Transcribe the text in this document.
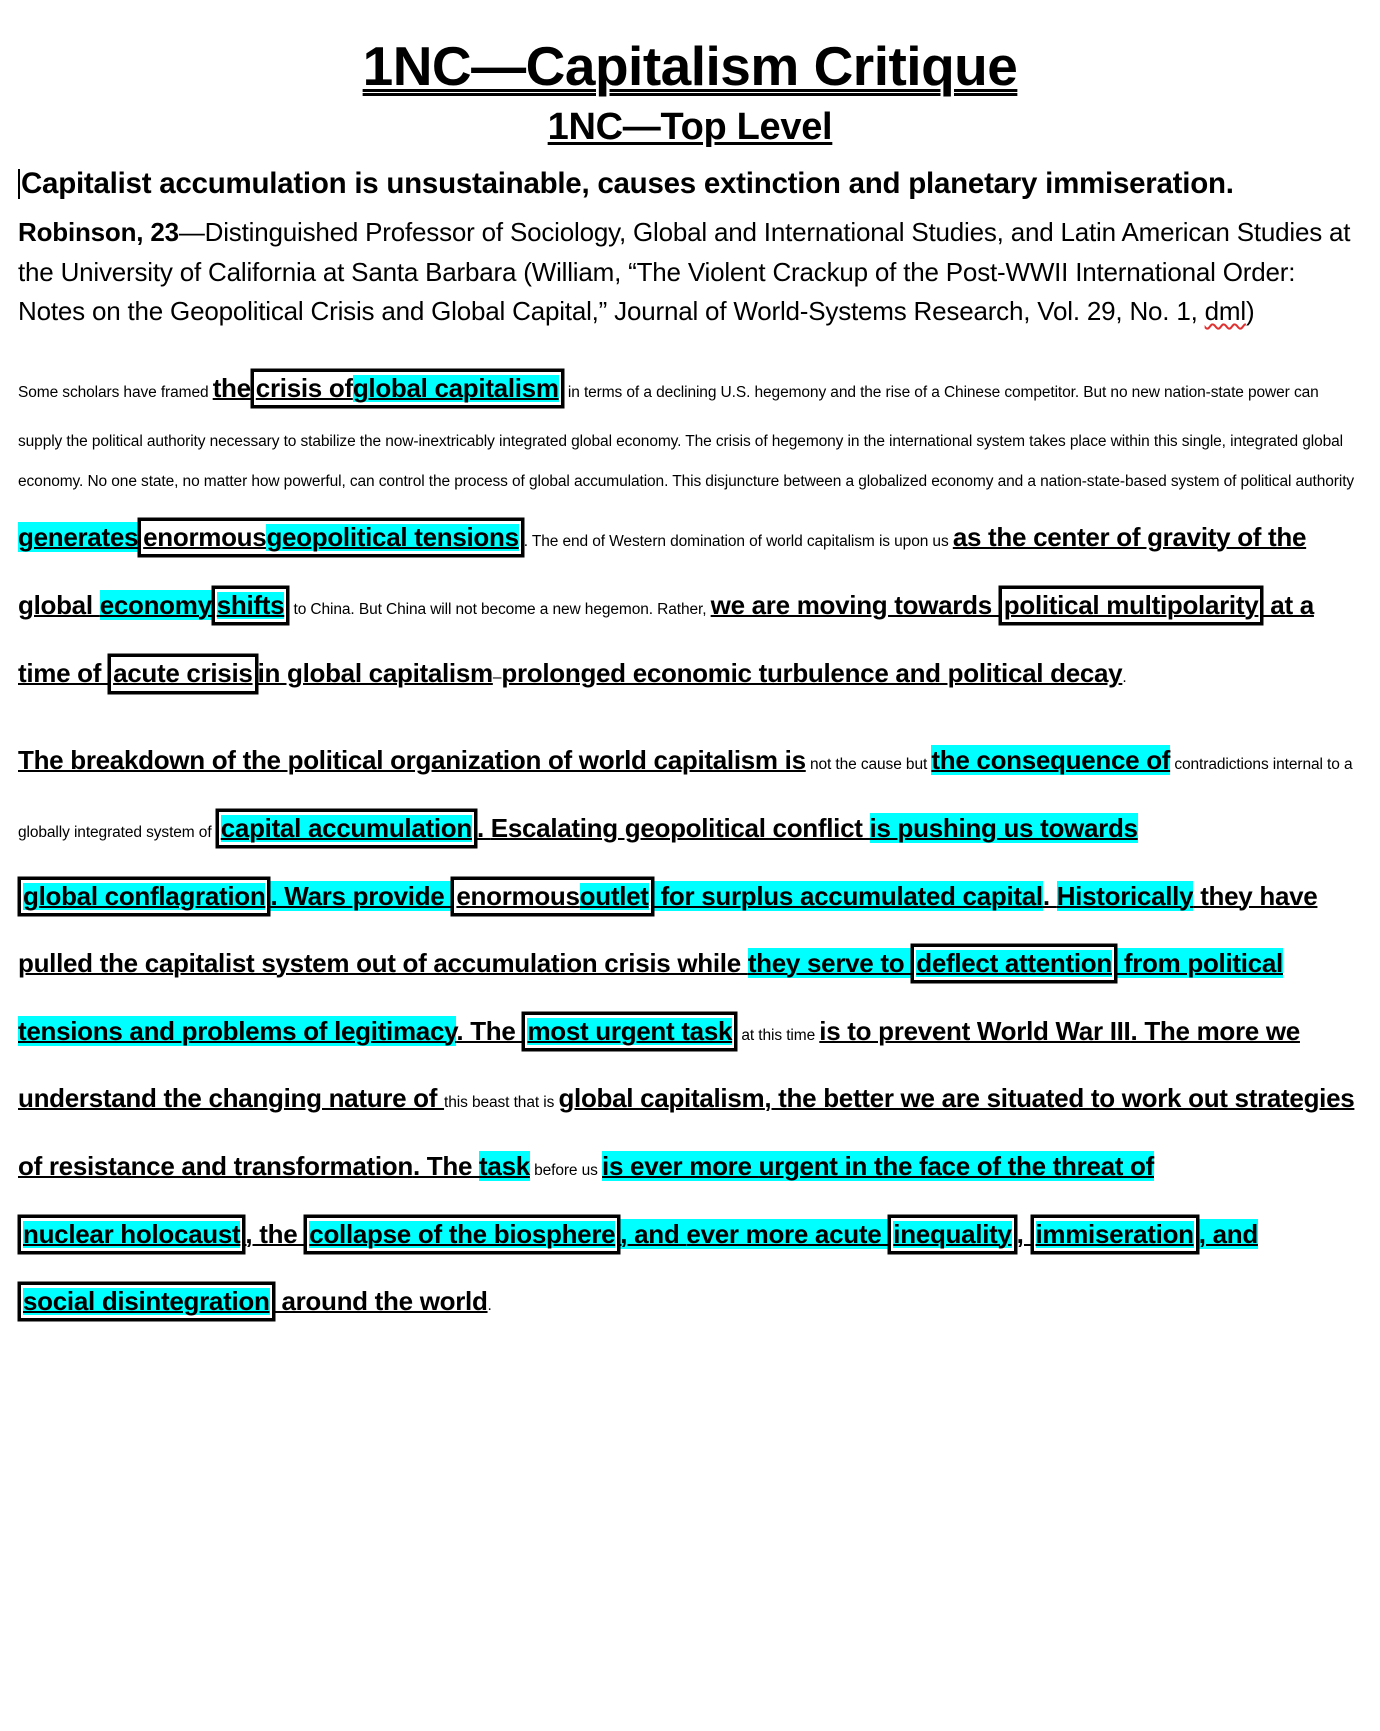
1NC—Capitalism Critique
1NC—Top Level

Capitalist accumulation is unsustainable, causes extinction and planetary immiseration.

Robinson, 23—Distinguished Professor of Sociology, Global and International Studies, and Latin American Studies at the University of California at Santa Barbara (William, “The Violent Crackup of the Post-WWII International Order: Notes on the Geopolitical Crisis and Global Capital,” Journal of World-Systems Research, Vol. 29, No. 1, dml)

Some scholars have framed the crisis ofglobal capitalism in terms of a declining U.S. hegemony and the rise of a Chinese competitor. But no new nation-state power can supply the political authority necessary to stabilize the now-inextricably integrated global economy. The crisis of hegemony in the international system takes place within this single, integrated global economy. No one state, no matter how powerful, can control the process of global accumulation. This disjuncture between a globalized economy and a nation-state-based system of political authority generates enormousgeopolitical tensions . The end of Western domination of world capitalism is upon us as the center of gravity of the global economy shifts to China. But China will not become a new hegemon. Rather, we are moving towards political multipolarity at a time of acute crisis in global capitalism–prolonged economic turbulence and political decay.

The breakdown of the political organization of world capitalism is not the cause but the consequence of contradictions internal to a globally integrated system of capital accumulation . Escalating geopolitical conflict is pushing us towards global conflagration . Wars provide enormousoutlet for surplus accumulated capital. Historically they have pulled the capitalist system out of accumulation crisis while they serve to deflect attention from political tensions and problems of legitimacy. The most urgent task at this time is to prevent World War III. The more we understand the changing nature of this beast that is global capitalism, the better we are situated to work out strategies of resistance and transformation. The task before us is ever more urgent in the face of the threat of nuclear holocaust , the collapse of the biosphere , and ever more acute inequality , immiseration , and social disintegration around the world.
